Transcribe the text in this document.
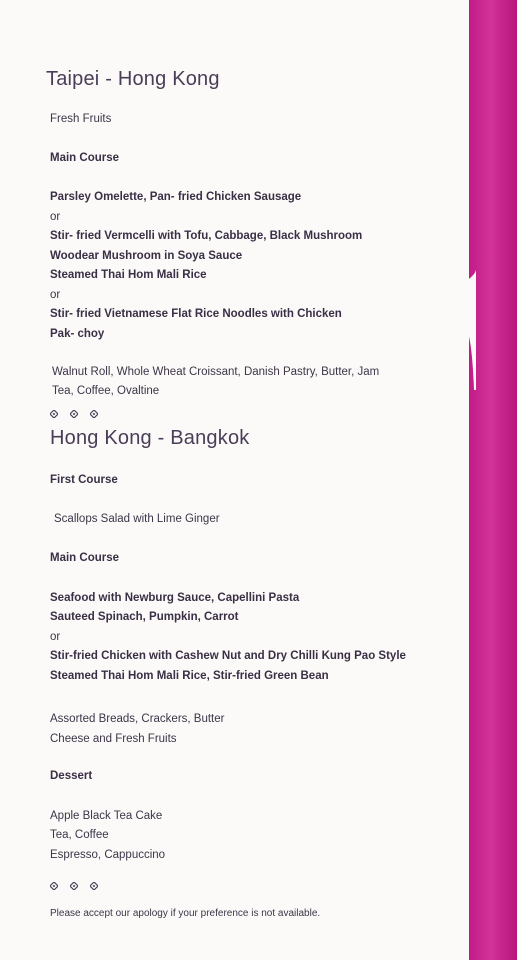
Taipei - Hong Kong
Fresh Fruits
Main Course
Parsley Omelette, Pan- fried Chicken Sausage
or
Stir- fried Vermcelli with Tofu, Cabbage, Black Mushroom
Woodear Mushroom in Soya Sauce
Steamed Thai Hom Mali Rice
or
Stir- fried Vietnamese Flat Rice Noodles with Chicken
Pak- choy
Walnut Roll, Whole Wheat Croissant, Danish Pastry, Butter, Jam
Tea, Coffee, Ovaltine
Hong Kong - Bangkok
First Course
Scallops Salad with Lime Ginger
Main Course
Seafood with Newburg Sauce, Capellini Pasta
Sauteed Spinach, Pumpkin, Carrot
or
Stir-fried Chicken with Cashew Nut and Dry Chilli Kung Pao Style
Steamed Thai Hom Mali Rice, Stir-fried Green Bean
Assorted Breads, Crackers, Butter
Cheese and Fresh Fruits
Dessert
Apple Black Tea Cake
Tea, Coffee
Espresso, Cappuccino
Please accept our apology if your preference is not available.
